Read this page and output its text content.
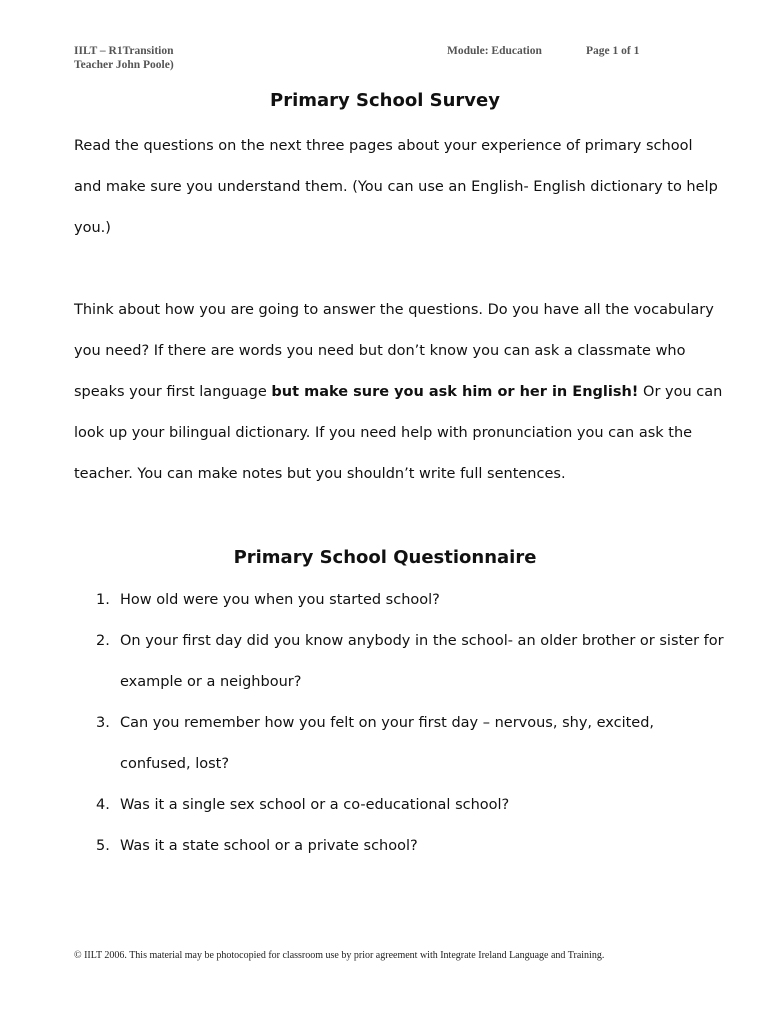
IILT – R1Transition
Teacher John Poole)
Module: Education	Page 1 of 1
Primary School Survey

Read the questions on the next three pages about your experience of primary school and make sure you understand them. (You can use an English- English dictionary to help you.)

Think about how you are going to answer the questions. Do you have all the vocabulary you need? If there are words you need but don’t know you can ask a classmate who speaks your first language but make sure you ask him or her in English! Or you can look up your bilingual dictionary. If you need help with pronunciation you can ask the teacher. You can make notes but you shouldn’t write full sentences.

Primary School Questionnaire
1. How old were you when you started school?
2. On your first day did you know anybody in the school- an older brother or sister for example or a neighbour?
3. Can you remember how you felt on your first day – nervous, shy, excited, confused, lost?
4. Was it a single sex school or a co-educational school?
5. Was it a state school or a private school?
© IILT 2006. This material may be photocopied for classroom use by prior agreement with Integrate Ireland Language and Training.
